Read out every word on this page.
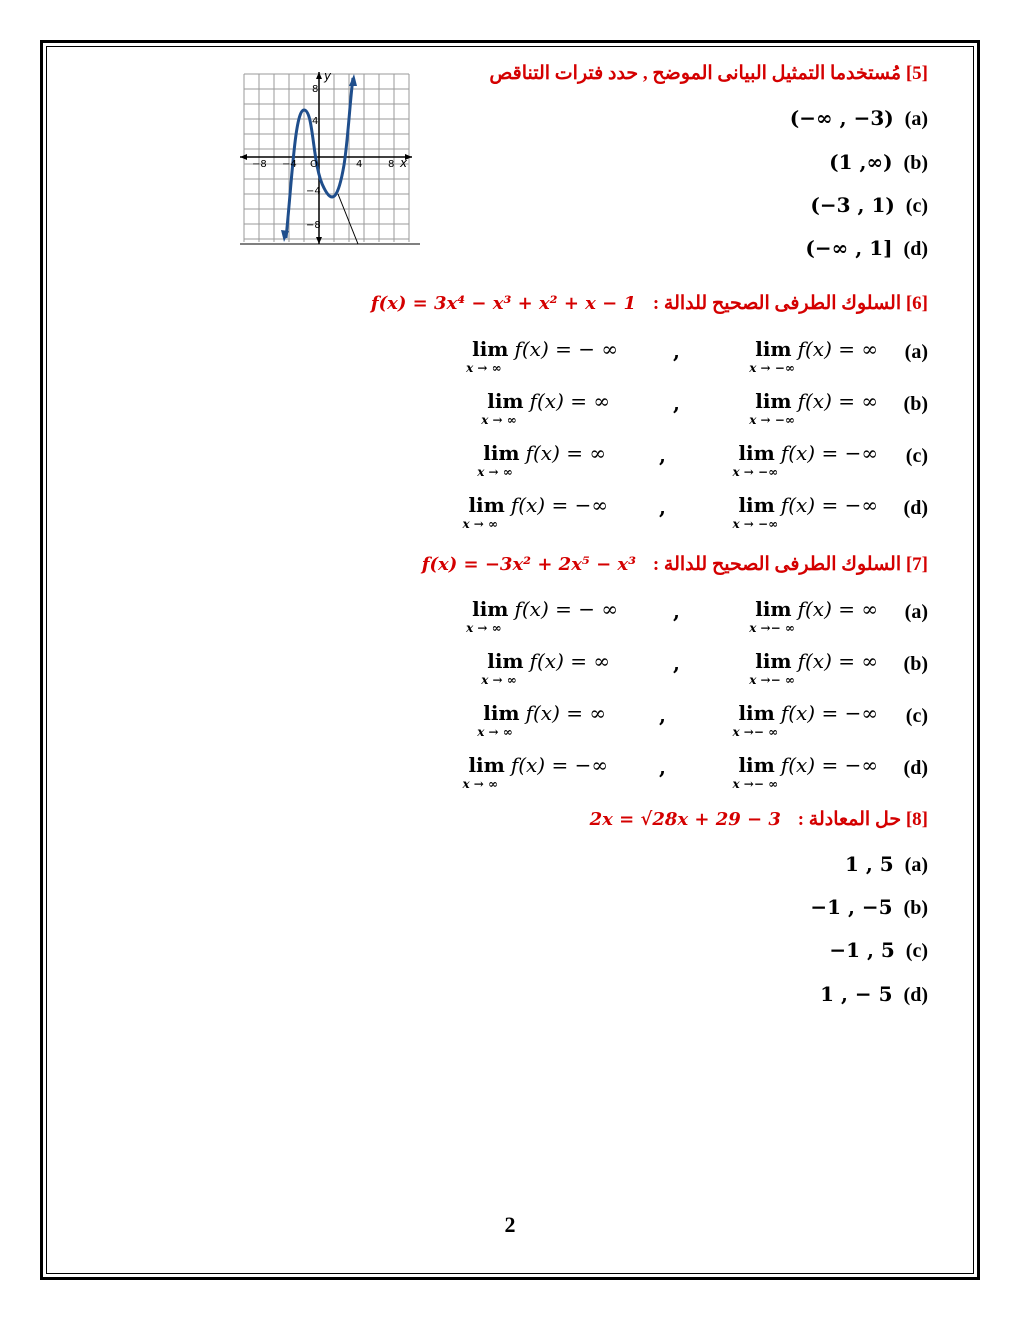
[5] مُستخدما التمثيل البيانى الموضح , حدد فترات التناقص
−8 −4 O	4	8 x
8
4
−4
−8
y
(−∞ , −3) (a)
(1 ,∞) (b)
(−3 , 1) (c)
(−∞ , 1] (d)
[6] السلوك الطرفى الصحيح للدالة : f(x) = 3x⁴ − x³ + x² + x − 1
(a)
lim
x → −∞
f(x) = ∞
,
lim
x → ∞
f(x) = − ∞
(b)
lim
x → −∞
f(x) = ∞
,
lim
x → ∞
f(x) = ∞
(c)
lim
x → −∞
f(x) = −∞
,
lim
x → ∞
f(x) = ∞
(d)
lim
x → −∞
f(x) = −∞
,
lim
x → ∞
f(x) = −∞
[7] السلوك الطرفى الصحيح للدالة : f(x) = −3x² + 2x⁵ − x³
(a)
lim
x →− ∞
f(x) = ∞
,
lim
x → ∞
f(x) = − ∞
(b)
lim
x →− ∞
f(x) = ∞
,
lim
x → ∞
f(x) = ∞
(c)
lim
x →− ∞
f(x) = −∞
,
lim
x → ∞
f(x) = ∞
(d)
lim
x →− ∞
f(x) = −∞
,
lim
x → ∞
f(x) = −∞
[8] حل المعادلة : 2x = √28x + 29 − 3
1 , 5 (a)
−1 , −5 (b)
−1 , 5 (c)
1 , − 5 (d)
2
